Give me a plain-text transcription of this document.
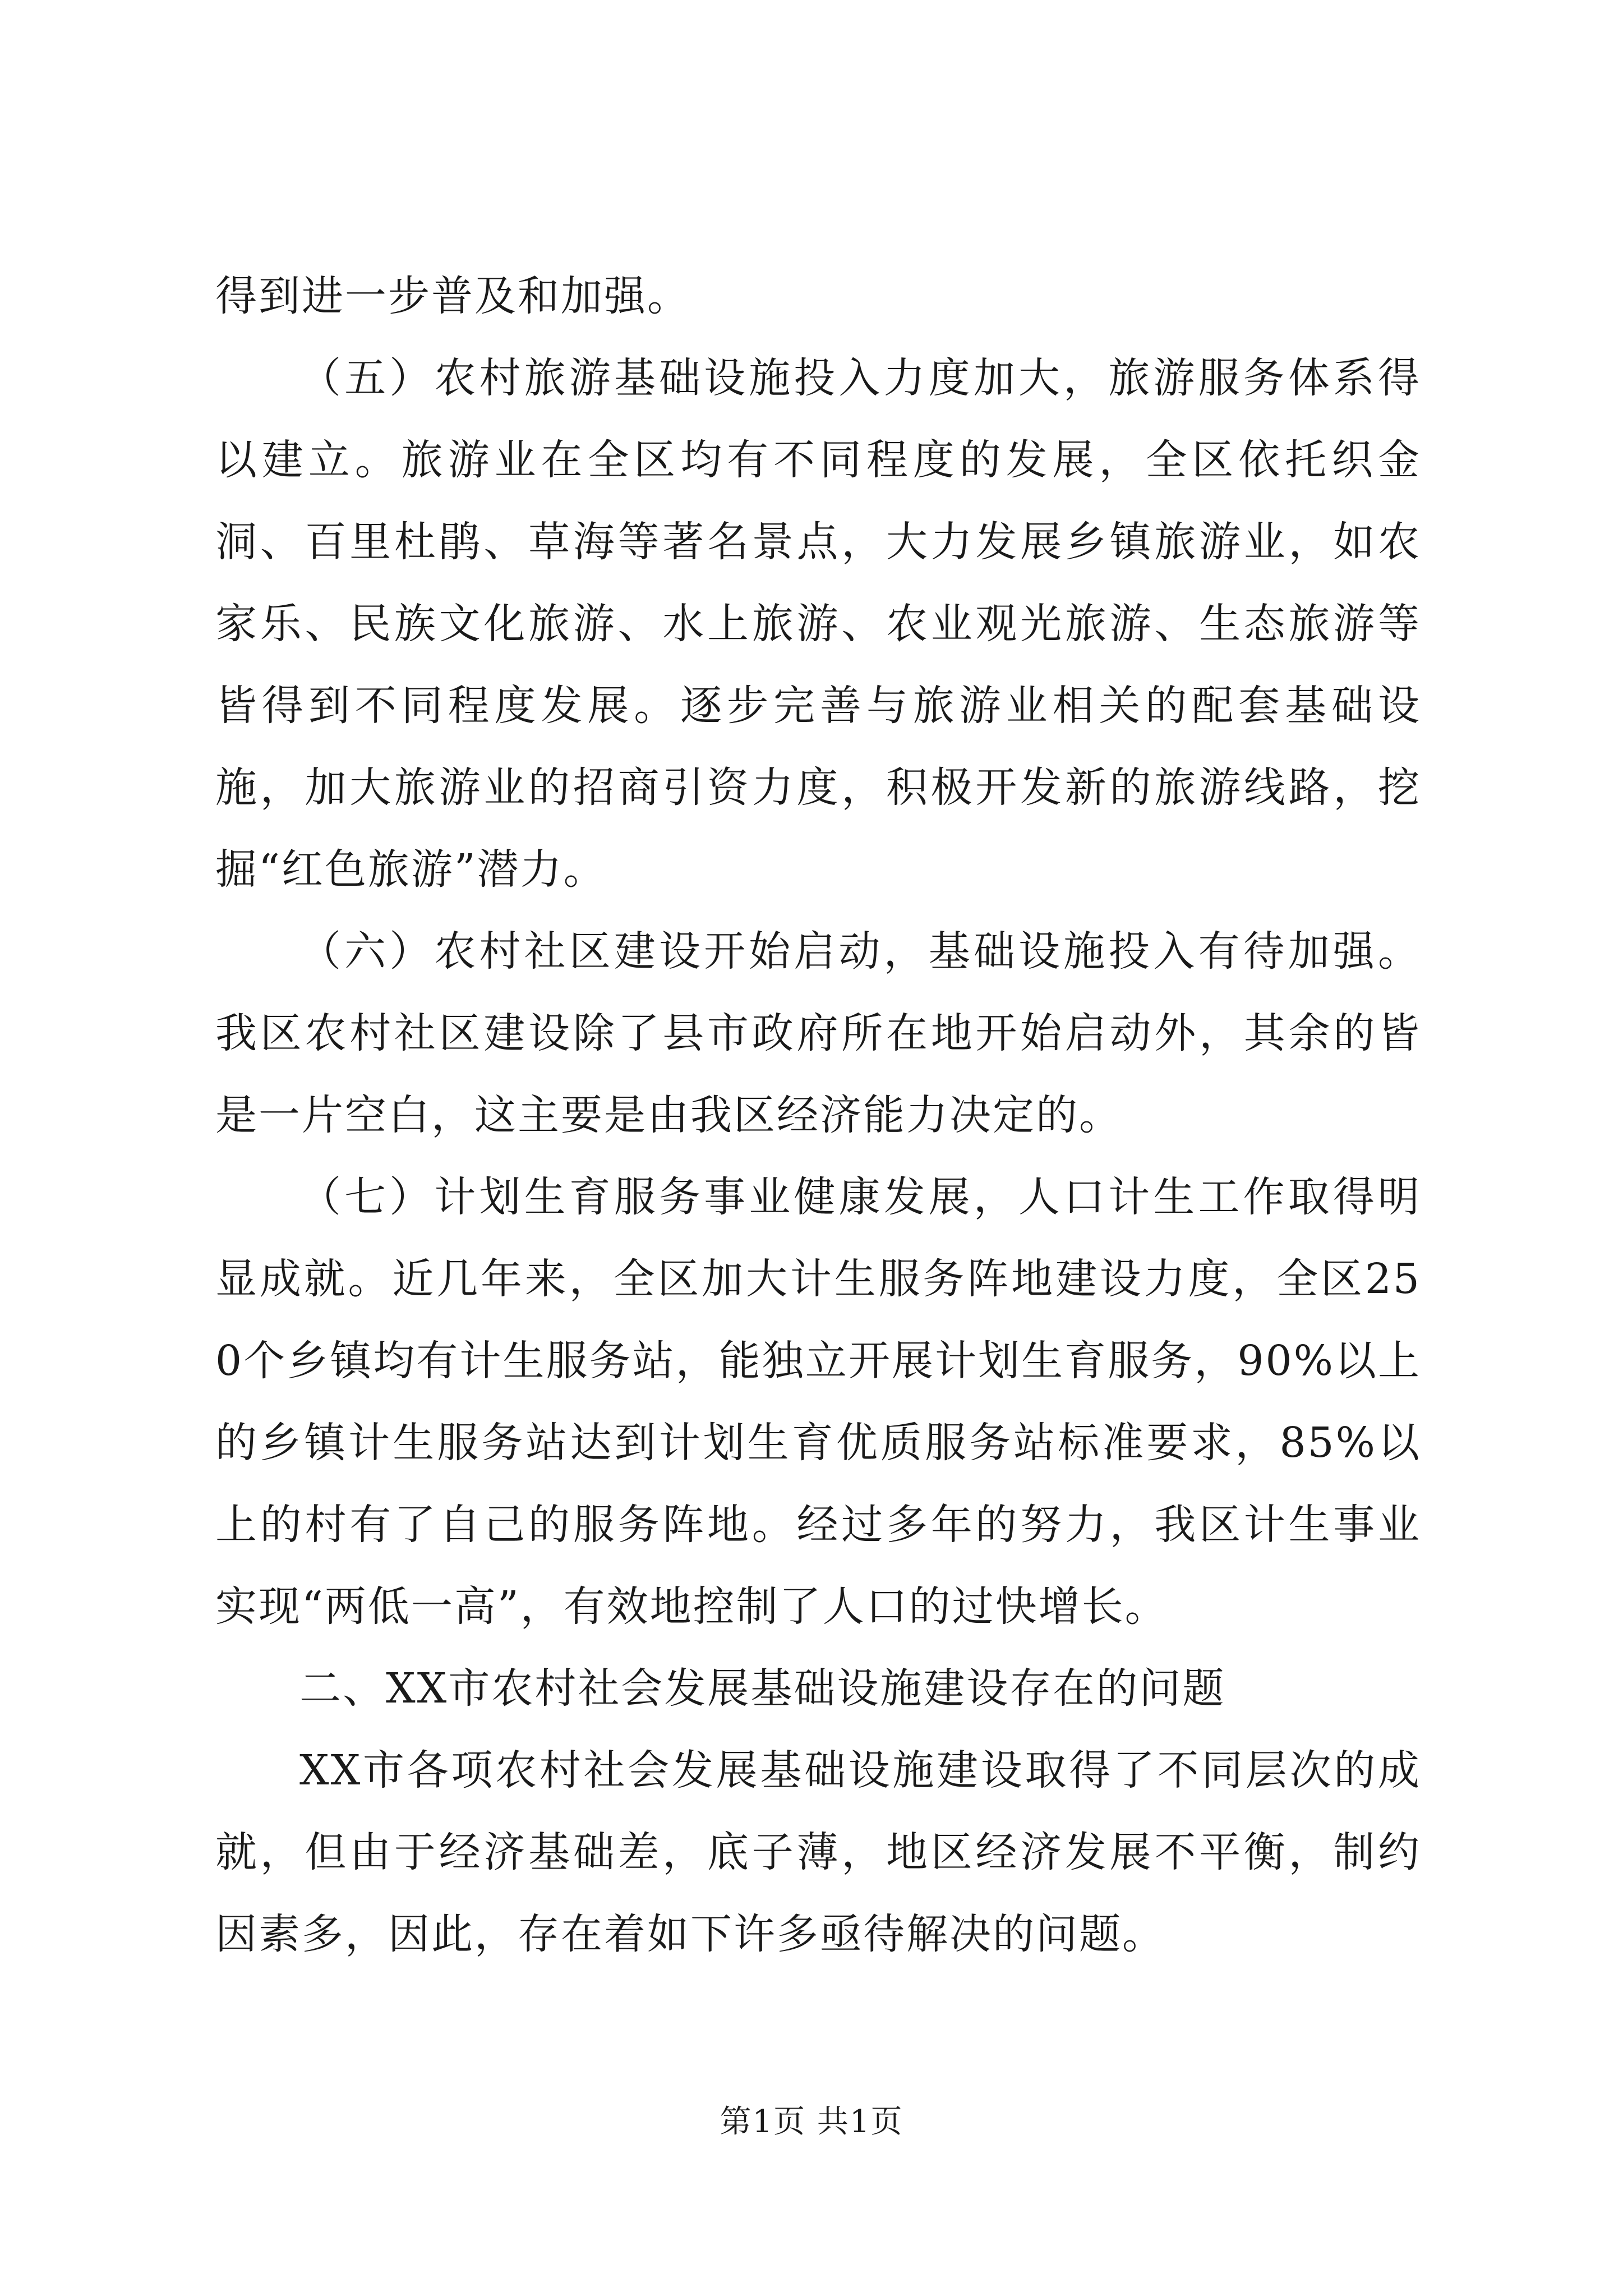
得到进一步普及和加强。

（五）农村旅游基础设施投入力度加大，旅游服务体系得以建立。旅游业在全区均有不同程度的发展，全区依托织金洞、百里杜鹃、草海等著名景点，大力发展乡镇旅游业，如农家乐、民族文化旅游、水上旅游、农业观光旅游、生态旅游等皆得到不同程度发展。逐步完善与旅游业相关的配套基础设施，加大旅游业的招商引资力度，积极开发新的旅游线路，挖掘“红色旅游”潜力。

（六）农村社区建设开始启动，基础设施投入有待加强。我区农村社区建设除了县市政府所在地开始启动外，其余的皆是一片空白，这主要是由我区经济能力决定的。

（七）计划生育服务事业健康发展，人口计生工作取得明显成就。近几年来，全区加大计生服务阵地建设力度，全区250个乡镇均有计生服务站，能独立开展计划生育服务，90%以上的乡镇计生服务站达到计划生育优质服务站标准要求，85%以上的村有了自己的服务阵地。经过多年的努力，我区计生事业实现“两低一高”，有效地控制了人口的过快增长。

二、XX市农村社会发展基础设施建设存在的问题

XX市各项农村社会发展基础设施建设取得了不同层次的成就，但由于经济基础差，底子薄，地区经济发展不平衡，制约因素多，因此，存在着如下许多亟待解决的问题。

第1页 共1页
